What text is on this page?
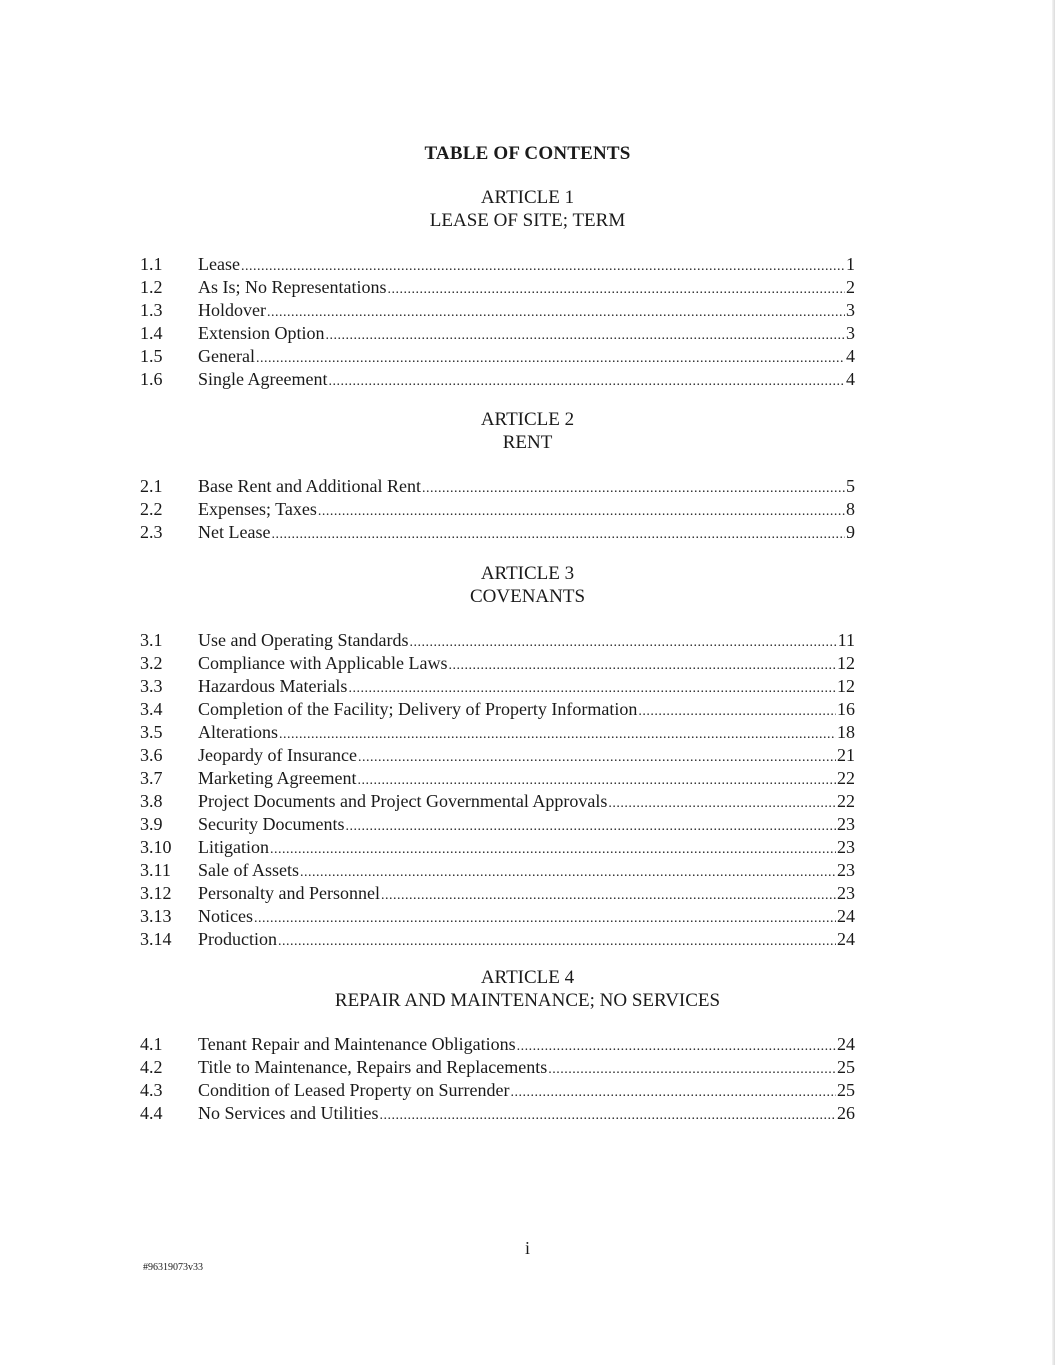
TABLE OF CONTENTS
ARTICLE 1
LEASE OF SITE; TERM
1.1	Lease .....	1
1.2	As Is; No Representations .....	2
1.3	Holdover .....	3
1.4	Extension Option .....	3
1.5	General .....	4
1.6	Single Agreement .....	4
ARTICLE 2
RENT
2.1	Base Rent and Additional Rent .....	5
2.2	Expenses; Taxes .....	8
2.3	Net Lease .....	9
ARTICLE 3
COVENANTS
3.1	Use and Operating Standards .....	11
3.2	Compliance with Applicable Laws .....	12
3.3	Hazardous Materials .....	12
3.4	Completion of the Facility; Delivery of Property Information .....	16
3.5	Alterations .....	18
3.6	Jeopardy of Insurance .....	21
3.7	Marketing Agreement .....	22
3.8	Project Documents and Project Governmental Approvals .....	22
3.9	Security Documents .....	23
3.10	Litigation .....	23
3.11	Sale of Assets .....	23
3.12	Personalty and Personnel .....	23
3.13	Notices .....	24
3.14	Production .....	24
ARTICLE 4
REPAIR AND MAINTENANCE; NO SERVICES
4.1	Tenant Repair and Maintenance Obligations .....	24
4.2	Title to Maintenance, Repairs and Replacements .....	25
4.3	Condition of Leased Property on Surrender .....	25
4.4	No Services and Utilities .....	26
i
#96319073v33
